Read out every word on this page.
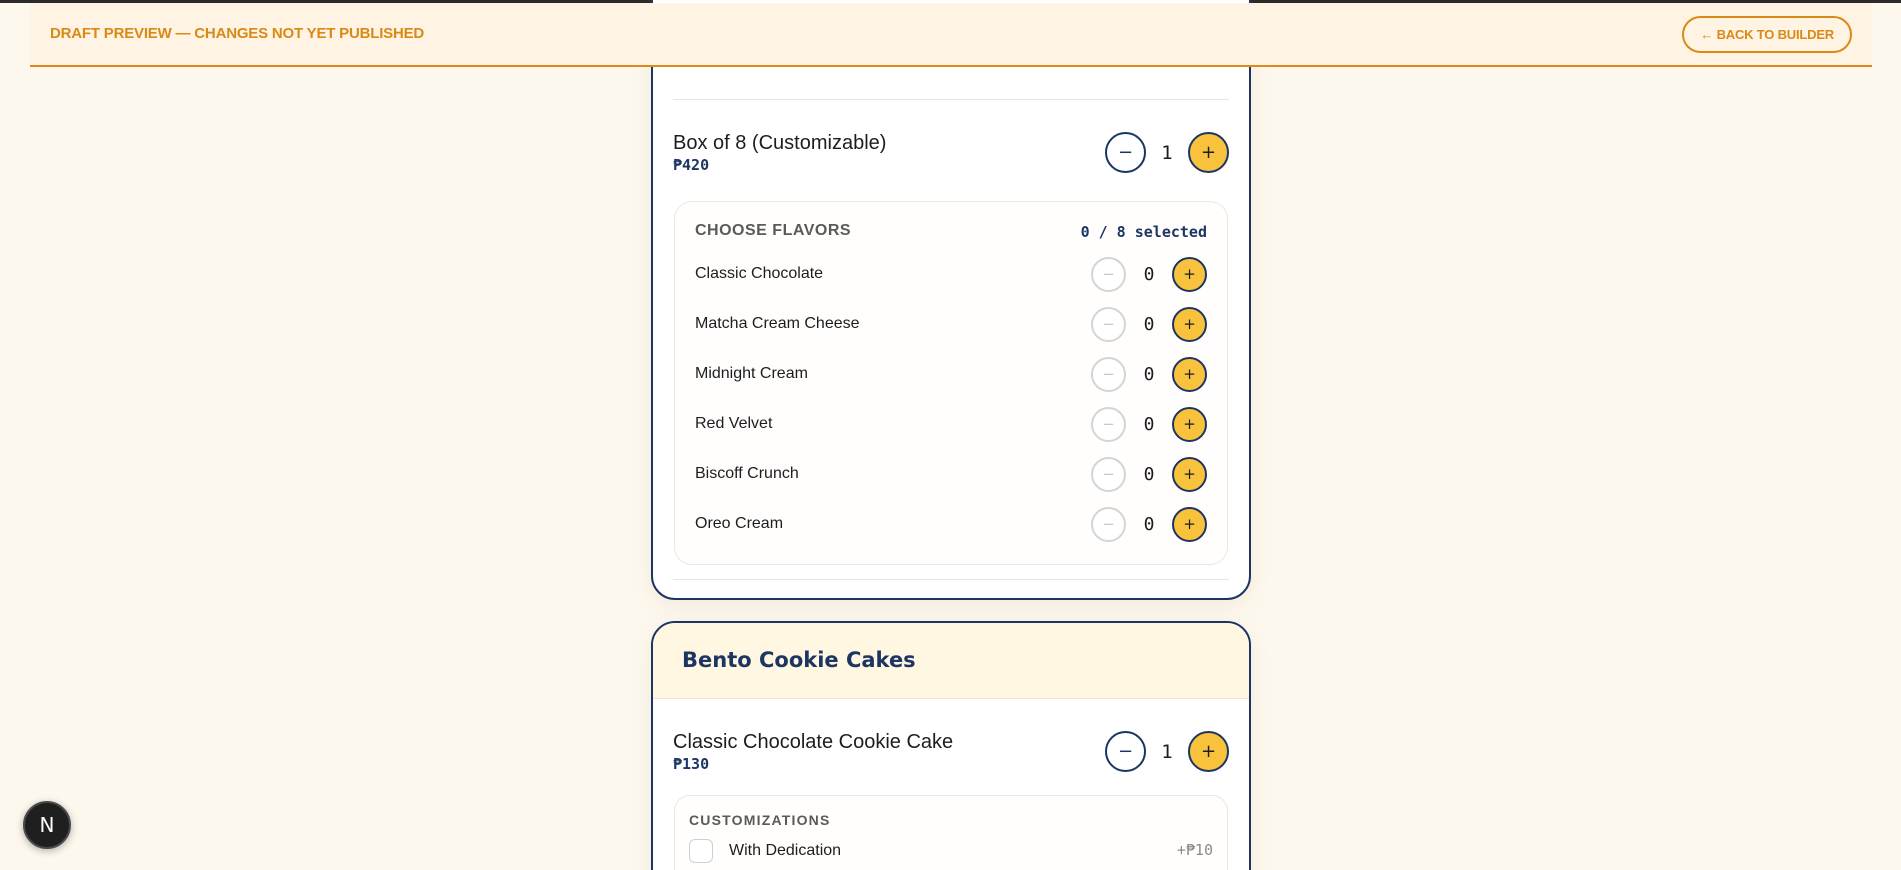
Box of 8 (Customizable)
₱420
−	1	+
CHOOSE FLAVORS	0 / 8 selected
Classic Chocolate	−	0	+
Matcha Cream Cheese	−	0	+
Midnight Cream	−	0	+
Red Velvet	−	0	+
Biscoff Crunch	−	0	+
Oreo Cream	−	0	+
Bento Cookie Cakes
Classic Chocolate Cookie Cake
₱130
−	1	+
CUSTOMIZATIONS
With Dedication	+₱10
DRAFT PREVIEW — CHANGES NOT YET PUBLISHED	← BACK TO BUILDER
N
